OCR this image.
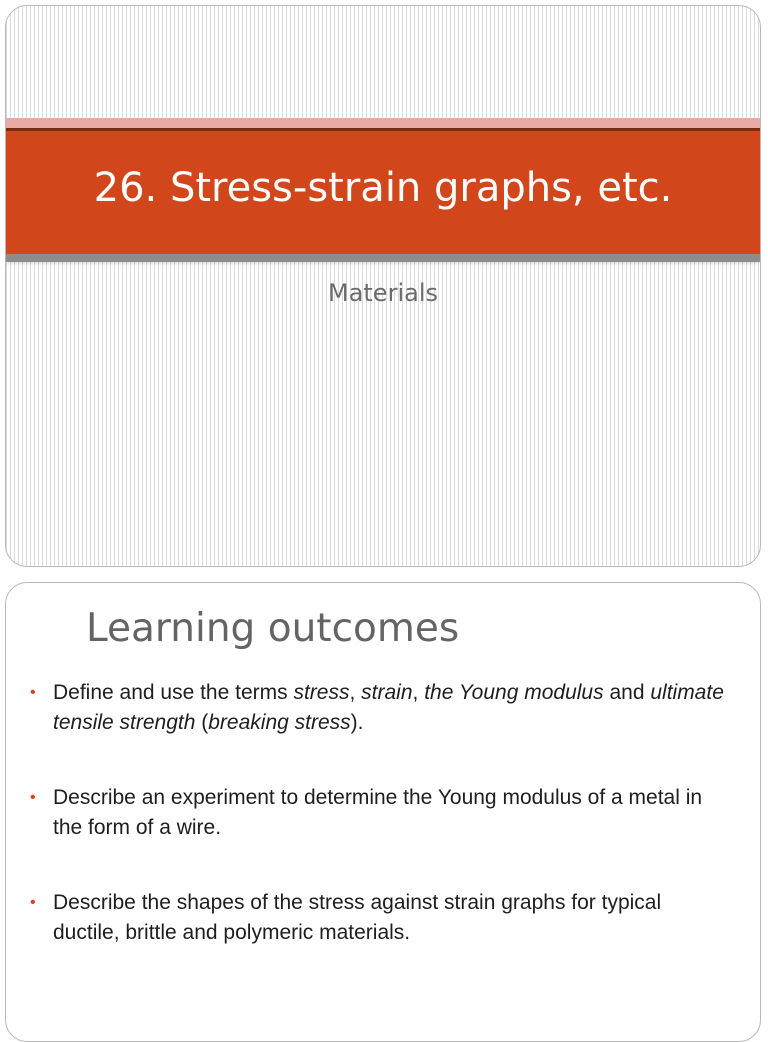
26. Stress-strain graphs, etc.
Materials
Learning outcomes
• Define and use the terms stress, strain, the Young modulus and ultimate tensile strength (breaking stress).
• Describe an experiment to determine the Young modulus of a metal in the form of a wire.
• Describe the shapes of the stress against strain graphs for typical ductile, brittle and polymeric materials.
